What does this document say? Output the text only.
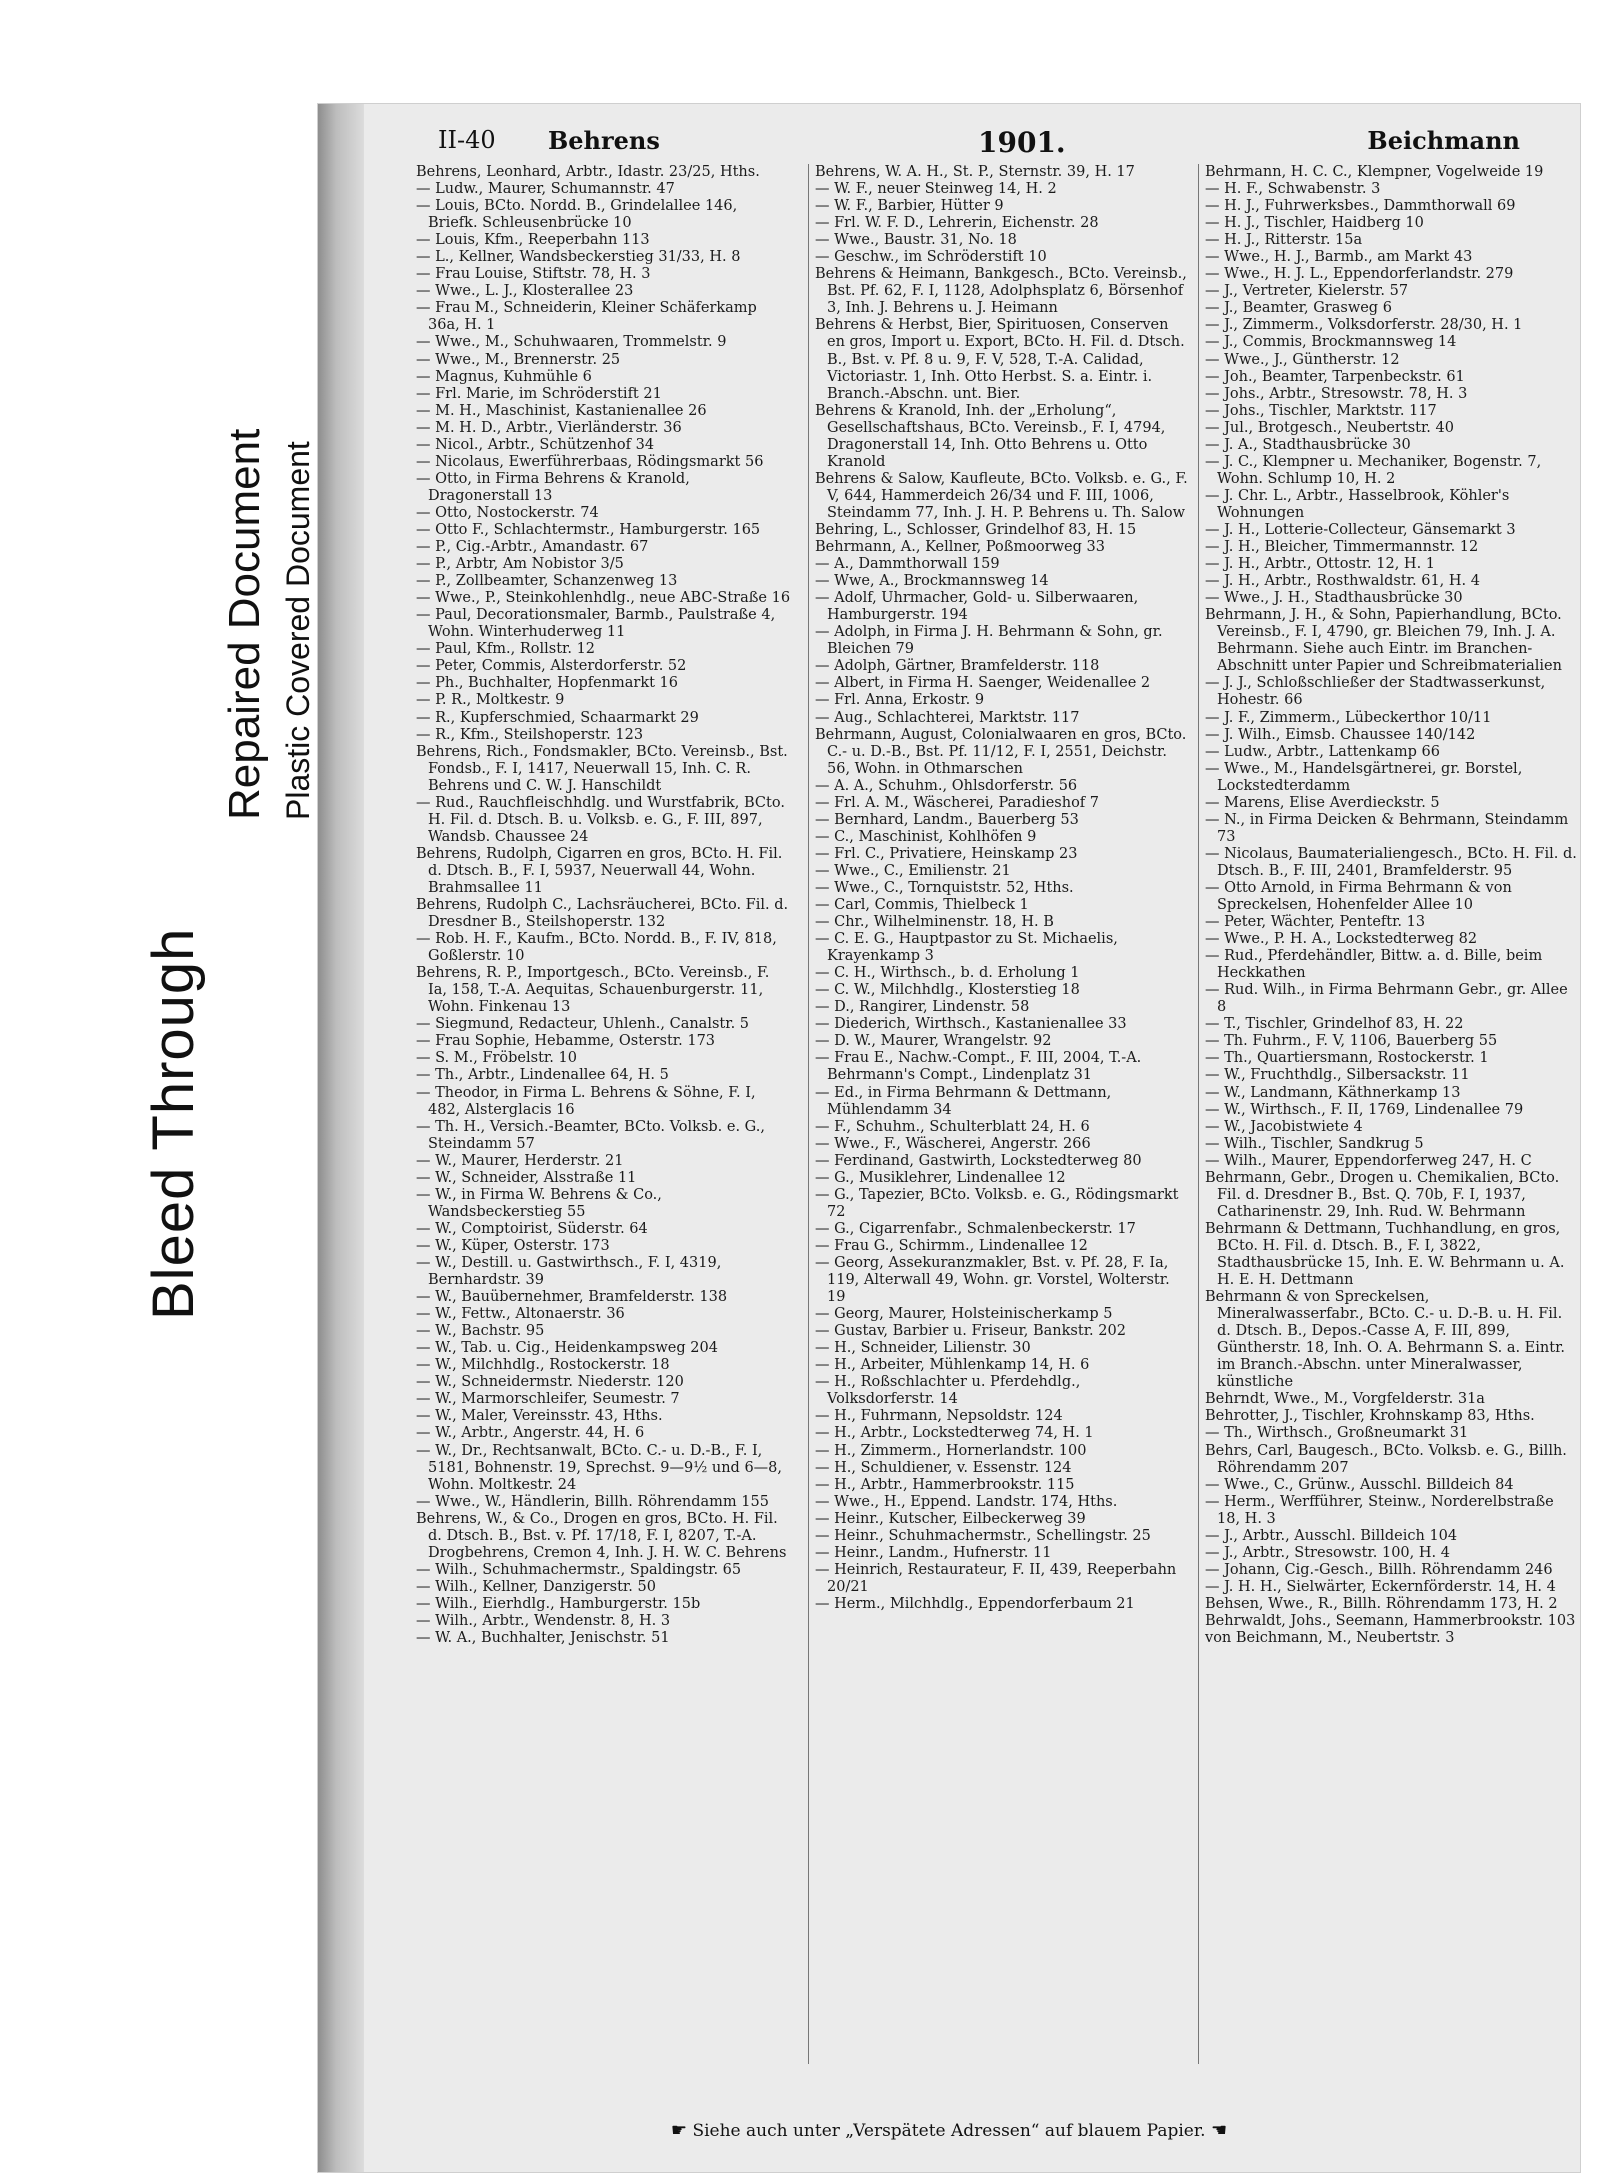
Bleed Through
Repaired Document Plastic Covered Document
II-40 Behrens	1901.	Beichmann
Behrens, Leonhard, Arbtr., Idastr. 23/25, Hths.
— Ludw., Maurer, Schumannstr. 47
— Louis, BCto. Nordd. B., Grindelallee 146, Briefk. Schleusenbrücke 10
— Louis, Kfm., Reeperbahn 113
— L., Kellner, Wandsbeckerstieg 31/33, H. 8
— Frau Louise, Stiftstr. 78, H. 3
— Wwe., L. J., Klosterallee 23
— Frau M., Schneiderin, Kleiner Schäferkamp 36a, H. 1
— Wwe., M., Schuhwaaren, Trommelstr. 9
— Wwe., M., Brennerstr. 25
— Magnus, Kuhmühle 6
— Frl. Marie, im Schröderstift 21
— M. H., Maschinist, Kastanienallee 26
— M. H. D., Arbtr., Vierländerstr. 36
— Nicol., Arbtr., Schützenhof 34
— Nicolaus, Ewerführerbaas, Rödingsmarkt 56
— Otto, in Firma Behrens & Kranold, Dragonerstall 13
— Otto, Nostockerstr. 74
— Otto F., Schlachtermstr., Hamburgerstr. 165
— P., Cig.-Arbtr., Amandastr. 67
— P., Arbtr, Am Nobistor 3/5
— P., Zollbeamter, Schanzenweg 13
— Wwe., P., Steinkohlenhdlg., neue ABC-Straße 16
— Paul, Decorationsmaler, Barmb., Paulstraße 4, Wohn. Winterhuderweg 11
— Paul, Kfm., Rollstr. 12
— Peter, Commis, Alsterdorferstr. 52
— Ph., Buchhalter, Hopfenmarkt 16
— P. R., Moltkestr. 9
— R., Kupferschmied, Schaarmarkt 29
— R., Kfm., Steilshoperstr. 123
Behrens, Rich., Fondsmakler, BCto. Vereinsb., Bst. Fondsb., F. I, 1417, Neuerwall 15, Inh. C. R. Behrens und C. W. J. Hanschildt
— Rud., Rauchfleischhdlg. und Wurstfabrik, BCto. H. Fil. d. Dtsch. B. u. Volksb. e. G., F. III, 897, Wandsb. Chaussee 24
Behrens, Rudolph, Cigarren en gros, BCto. H. Fil. d. Dtsch. B., F. I, 5937, Neuerwall 44, Wohn. Brahmsallee 11
Behrens, Rudolph C., Lachsräucherei, BCto. Fil. d. Dresdner B., Steilshoperstr. 132
— Rob. H. F., Kaufm., BCto. Nordd. B., F. IV, 818, Goßlerstr. 10
Behrens, R. P., Importgesch., BCto. Vereinsb., F. Ia, 158, T.-A. Aequitas, Schauenburgerstr. 11, Wohn. Finkenau 13
— Siegmund, Redacteur, Uhlenh., Canalstr. 5
— Frau Sophie, Hebamme, Osterstr. 173
— S. M., Fröbelstr. 10
— Th., Arbtr., Lindenallee 64, H. 5
— Theodor, in Firma L. Behrens & Söhne, F. I, 482, Alsterglacis 16
— Th. H., Versich.-Beamter, BCto. Volksb. e. G., Steindamm 57
— W., Maurer, Herderstr. 21
— W., Schneider, Alsstraße 11
— W., in Firma W. Behrens & Co., Wandsbeckerstieg 55
— W., Comptoirist, Süderstr. 64
— W., Küper, Osterstr. 173
— W., Destill. u. Gastwirthsch., F. I, 4319, Bernhardstr. 39
— W., Bauübernehmer, Bramfelderstr. 138
— W., Fettw., Altonaerstr. 36
— W., Bachstr. 95
— W., Tab. u. Cig., Heidenkampsweg 204
— W., Milchhdlg., Rostockerstr. 18
— W., Schneidermstr. Niederstr. 120
— W., Marmorschleifer, Seumestr. 7
— W., Maler, Vereinsstr. 43, Hths.
— W., Arbtr., Angerstr. 44, H. 6
— W., Dr., Rechtsanwalt, BCto. C.- u. D.-B., F. I, 5181, Bohnenstr. 19, Sprechst. 9—9½ und 6—8, Wohn. Moltkestr. 24
— Wwe., W., Händlerin, Billh. Röhrendamm 155
Behrens, W., & Co., Drogen en gros, BCto. H. Fil. d. Dtsch. B., Bst. v. Pf. 17/18, F. I, 8207, T.-A. Drogbehrens, Cremon 4, Inh. J. H. W. C. Behrens
— Wilh., Schuhmachermstr., Spaldingstr. 65
— Wilh., Kellner, Danzigerstr. 50
— Wilh., Eierhdlg., Hamburgerstr. 15b
— Wilh., Arbtr., Wendenstr. 8, H. 3
— W. A., Buchhalter, Jenischstr. 51
Behrens, W. A. H., St. P., Sternstr. 39, H. 17
— W. F., neuer Steinweg 14, H. 2
— W. F., Barbier, Hütter 9
— Frl. W. F. D., Lehrerin, Eichenstr. 28
— Wwe., Baustr. 31, No. 18
— Geschw., im Schröderstift 10
Behrens & Heimann, Bankgesch., BCto. Vereinsb., Bst. Pf. 62, F. I, 1128, Adolphsplatz 6, Börsenhof 3, Inh. J. Behrens u. J. Heimann
Behrens & Herbst, Bier, Spirituosen, Conserven en gros, Import u. Export, BCto. H. Fil. d. Dtsch. B., Bst. v. Pf. 8 u. 9, F. V, 528, T.-A. Calidad, Victoriastr. 1, Inh. Otto Herbst. S. a. Eintr. i. Branch.-Abschn. unt. Bier.
Behrens & Kranold, Inh. der „Erholung“, Gesellschaftshaus, BCto. Vereinsb., F. I, 4794, Dragonerstall 14, Inh. Otto Behrens u. Otto Kranold
Behrens & Salow, Kaufleute, BCto. Volksb. e. G., F. V, 644, Hammerdeich 26/34 und F. III, 1006, Steindamm 77, Inh. J. H. P. Behrens u. Th. Salow
Behring, L., Schlosser, Grindelhof 83, H. 15
Behrmann, A., Kellner, Poßmoorweg 33
— A., Dammthorwall 159
— Wwe, A., Brockmannsweg 14
— Adolf, Uhrmacher, Gold- u. Silberwaaren, Hamburgerstr. 194
— Adolph, in Firma J. H. Behrmann & Sohn, gr. Bleichen 79
— Adolph, Gärtner, Bramfelderstr. 118
— Albert, in Firma H. Saenger, Weidenallee 2
— Frl. Anna, Erkostr. 9
— Aug., Schlachterei, Marktstr. 117
Behrmann, August, Colonialwaaren en gros, BCto. C.- u. D.-B., Bst. Pf. 11/12, F. I, 2551, Deichstr. 56, Wohn. in Othmarschen
— A. A., Schuhm., Ohlsdorferstr. 56
— Frl. A. M., Wäscherei, Paradieshof 7
— Bernhard, Landm., Bauerberg 53
— C., Maschinist, Kohlhöfen 9
— Frl. C., Privatiere, Heinskamp 23
— Wwe., C., Emilienstr. 21
— Wwe., C., Tornquiststr. 52, Hths.
— Carl, Commis, Thielbeck 1
— Chr., Wilhelminenstr. 18, H. B
— C. E. G., Hauptpastor zu St. Michaelis, Krayenkamp 3
— C. H., Wirthsch., b. d. Erholung 1
— C. W., Milchhdlg., Klosterstieg 18
— D., Rangirer, Lindenstr. 58
— Diederich, Wirthsch., Kastanienallee 33
— D. W., Maurer, Wrangelstr. 92
— Frau E., Nachw.-Compt., F. III, 2004, T.-A. Behrmann's Compt., Lindenplatz 31
— Ed., in Firma Behrmann & Dettmann, Mühlendamm 34
— F., Schuhm., Schulterblatt 24, H. 6
— Wwe., F., Wäscherei, Angerstr. 266
— Ferdinand, Gastwirth, Lockstedterweg 80
— G., Musiklehrer, Lindenallee 12
— G., Tapezier, BCto. Volksb. e. G., Rödingsmarkt 72
— G., Cigarrenfabr., Schmalenbeckerstr. 17
— Frau G., Schirmm., Lindenallee 12
— Georg, Assekuranzmakler, Bst. v. Pf. 28, F. Ia, 119, Alterwall 49, Wohn. gr. Vorstel, Wolterstr. 19
— Georg, Maurer, Holsteinischerkamp 5
— Gustav, Barbier u. Friseur, Bankstr. 202
— H., Schneider, Lilienstr. 30
— H., Arbeiter, Mühlenkamp 14, H. 6
— H., Roßschlachter u. Pferdehdlg., Volksdorferstr. 14
— H., Fuhrmann, Nepsoldstr. 124
— H., Arbtr., Lockstedterweg 74, H. 1
— H., Zimmerm., Hornerlandstr. 100
— H., Schuldiener, v. Essenstr. 124
— H., Arbtr., Hammerbrookstr. 115
— Wwe., H., Eppend. Landstr. 174, Hths.
— Heinr., Kutscher, Eilbeckerweg 39
— Heinr., Schuhmachermstr., Schellingstr. 25
— Heinr., Landm., Hufnerstr. 11
— Heinrich, Restaurateur, F. II, 439, Reeperbahn 20/21
— Herm., Milchhdlg., Eppendorferbaum 21
Behrmann, H. C. C., Klempner, Vogelweide 19
— H. F., Schwabenstr. 3
— H. J., Fuhrwerksbes., Dammthorwall 69
— H. J., Tischler, Haidberg 10
— H. J., Ritterstr. 15a
— Wwe., H. J., Barmb., am Markt 43
— Wwe., H. J. L., Eppendorferlandstr. 279
— J., Vertreter, Kielerstr. 57
— J., Beamter, Grasweg 6
— J., Zimmerm., Volksdorferstr. 28/30, H. 1
— J., Commis, Brockmannsweg 14
— Wwe., J., Güntherstr. 12
— Joh., Beamter, Tarpenbeckstr. 61
— Johs., Arbtr., Stresowstr. 78, H. 3
— Johs., Tischler, Marktstr. 117
— Jul., Brotgesch., Neubertstr. 40
— J. A., Stadthausbrücke 30
— J. C., Klempner u. Mechaniker, Bogenstr. 7, Wohn. Schlump 10, H. 2
— J. Chr. L., Arbtr., Hasselbrook, Köhler's Wohnungen
— J. H., Lotterie-Collecteur, Gänsemarkt 3
— J. H., Bleicher, Timmermannstr. 12
— J. H., Arbtr., Ottostr. 12, H. 1
— J. H., Arbtr., Rosthwaldstr. 61, H. 4
— Wwe., J. H., Stadthausbrücke 30
Behrmann, J. H., & Sohn, Papierhandlung, BCto. Vereinsb., F. I, 4790, gr. Bleichen 79, Inh. J. A. Behrmann. Siehe auch Eintr. im Branchen-Abschnitt unter Papier und Schreibmaterialien
— J. J., Schloßschließer der Stadtwasserkunst, Hohestr. 66
— J. F., Zimmerm., Lübeckerthor 10/11
— J. Wilh., Eimsb. Chaussee 140/142
— Ludw., Arbtr., Lattenkamp 66
— Wwe., M., Handelsgärtnerei, gr. Borstel, Lockstedterdamm
— Marens, Elise Averdieckstr. 5
— N., in Firma Deicken & Behrmann, Steindamm 73
— Nicolaus, Baumaterialiengesch., BCto. H. Fil. d. Dtsch. B., F. III, 2401, Bramfelderstr. 95
— Otto Arnold, in Firma Behrmann & von Spreckelsen, Hohenfelder Allee 10
— Peter, Wächter, Penteftr. 13
— Wwe., P. H. A., Lockstedterweg 82
— Rud., Pferdehändler, Bittw. a. d. Bille, beim Heckkathen
— Rud. Wilh., in Firma Behrmann Gebr., gr. Allee 8
— T., Tischler, Grindelhof 83, H. 22
— Th. Fuhrm., F. V, 1106, Bauerberg 55
— Th., Quartiersmann, Rostockerstr. 1
— W., Fruchthdlg., Silbersackstr. 11
— W., Landmann, Käthnerkamp 13
— W., Wirthsch., F. II, 1769, Lindenallee 79
— W., Jacobistwiete 4
— Wilh., Tischler, Sandkrug 5
— Wilh., Maurer, Eppendorferweg 247, H. C
Behrmann, Gebr., Drogen u. Chemikalien, BCto. Fil. d. Dresdner B., Bst. Q. 70b, F. I, 1937, Catharinenstr. 29, Inh. Rud. W. Behrmann
Behrmann & Dettmann, Tuchhandlung, en gros, BCto. H. Fil. d. Dtsch. B., F. I, 3822, Stadthausbrücke 15, Inh. E. W. Behrmann u. A. H. E. H. Dettmann
Behrmann & von Spreckelsen, Mineralwasserfabr., BCto. C.- u. D.-B. u. H. Fil. d. Dtsch. B., Depos.-Casse A, F. III, 899, Güntherstr. 18, Inh. O. A. Behrmann S. a. Eintr. im Branch.-Abschn. unter Mineralwasser, künstliche
Behrndt, Wwe., M., Vorgfelderstr. 31a
Behrotter, J., Tischler, Krohnskamp 83, Hths.
— Th., Wirthsch., Großneumarkt 31
Behrs, Carl, Baugesch., BCto. Volksb. e. G., Billh. Röhrendamm 207
— Wwe., C., Grünw., Ausschl. Billdeich 84
— Herm., Werfführer, Steinw., Norderelbstraße 18, H. 3
— J., Arbtr., Ausschl. Billdeich 104
— J., Arbtr., Stresowstr. 100, H. 4
— Johann, Cig.-Gesch., Billh. Röhrendamm 246
— J. H. H., Sielwärter, Eckernförderstr. 14, H. 4
Behsen, Wwe., R., Billh. Röhrendamm 173, H. 2
Behrwaldt, Johs., Seemann, Hammerbrookstr. 103
von Beichmann, M., Neubertstr. 3
☛ Siehe auch unter „Verspätete Adressen“ auf blauem Papier. ☚
